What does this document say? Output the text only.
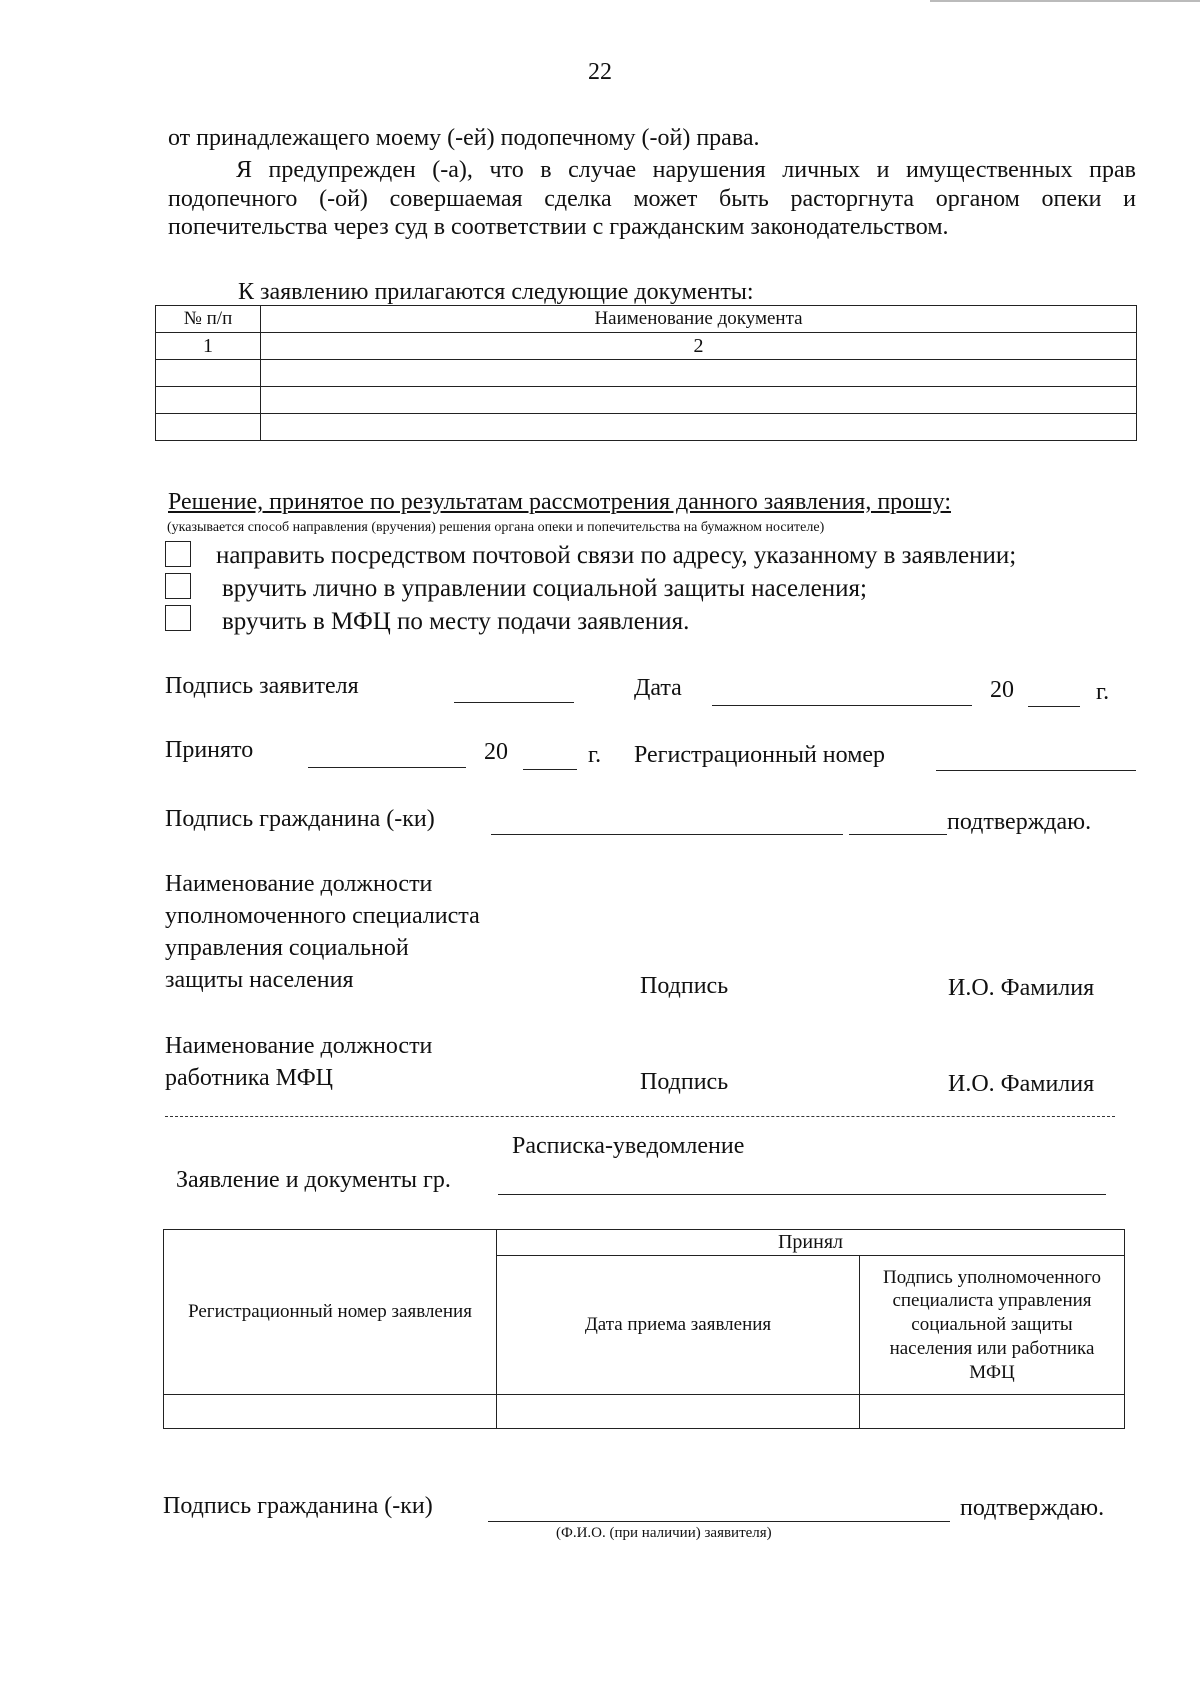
22
от принадлежащего моему (-ей) подопечному (-ой) права.
Я предупрежден (-а), что в случае нарушения личных и имущественных прав подопечного (-ой) совершаемая сделка может быть расторгнута органом опеки и попечительства через суд в соответствии с гражданским законодательством.
К заявлению прилагаются следующие документы:
№ п/п	Наименование документа
1	2

Решение, принятое по результатам рассмотрения данного заявления, прошу:
(указывается способ направления (вручения) решения органа опеки и попечительства на бумажном носителе)
направить посредством почтовой связи по адресу, указанному в заявлении;
вручить лично в управлении социальной защиты населения;
вручить в МФЦ по месту подачи заявления.
Подпись заявителя	Дата	20	г.
Принято	20	г. Регистрационный номер
Подпись гражданина (-ки)	подтверждаю.
Наименование должности
уполномоченного специалиста
управления социальной
защиты населения	Подпись	И.О. Фамилия
Наименование должности
работника МФЦ	Подпись	И.О. Фамилия
Расписка-уведомление
Заявление и документы гр.
Регистрационный номер заявления	Принял	
	Дата приема заявления	Подпись уполномоченного специалиста управления социальной защиты населения или работника МФЦ

Подпись гражданина (-ки)	подтверждаю.
(Ф.И.О. (при наличии) заявителя)
